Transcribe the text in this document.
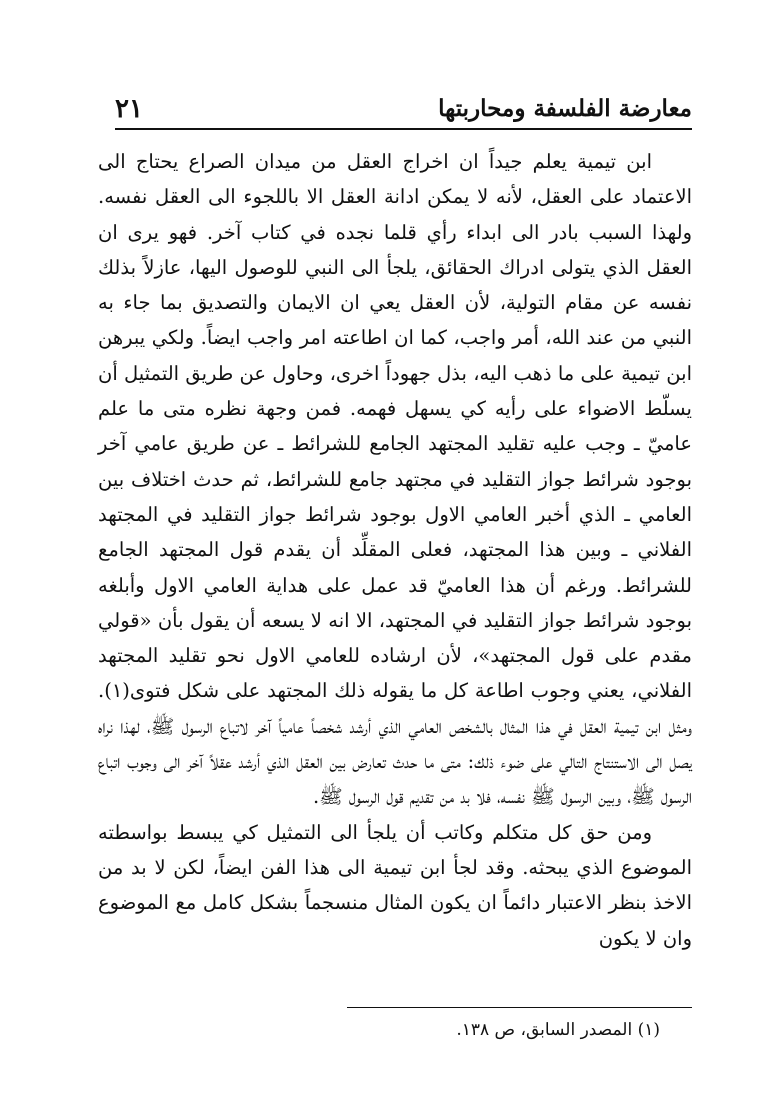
معارضة الفلسفة ومحاربتها
٢١

ابن تيمية يعلم جيداً ان اخراج العقل من ميدان الصراع يحتاج الى الاعتماد على العقل، لأنه لا يمكن ادانة العقل الا باللجوء الى العقل نفسه. ولهذا السبب بادر الى ابداء رأي قلما نجده في كتاب آخر. فهو يرى ان العقل الذي يتولى ادراك الحقائق، يلجأ الى النبي للوصول اليها، عازلاً بذلك نفسه عن مقام التولية، لأن العقل يعي ان الايمان والتصديق بما جاء به النبي من عند الله، أمر واجب، كما ان اطاعته امر واجب ايضاً. ولكي يبرهن ابن تيمية على ما ذهب اليه، بذل جهوداً اخرى، وحاول عن طريق التمثيل أن يسلّط الاضواء على رأيه كي يسهل فهمه. فمن وجهة نظره متى ما علم عاميّ ـ وجب عليه تقليد المجتهد الجامع للشرائط ـ عن طريق عامي آخر بوجود شرائط جواز التقليد في مجتهد جامع للشرائط، ثم حدث اختلاف بين العامي ـ الذي أخبر العامي الاول بوجود شرائط جواز التقليد في المجتهد الفلاني ـ وبين هذا المجتهد، فعلى المقلِّد أن يقدم قول المجتهد الجامع للشرائط. ورغم أن هذا العاميّ قد عمل على هداية العامي الاول وأبلغه بوجود شرائط جواز التقليد في المجتهد، الا انه لا يسعه أن يقول بأن «قولي مقدم على قول المجتهد»، لأن ارشاده للعامي الاول نحو تقليد المجتهد الفلاني، يعني وجوب اطاعة كل ما يقوله ذلك المجتهد على شكل فتوى(١). ومثل ابن تيمية العقل في هذا المثال بالشخص العامي الذي أرشد شخصاً عامياً آخر لاتباع الرسول ﷺ، لهذا نراه يصل الى الاستنتاج التالي على ضوء ذلك: متى ما حدث تعارض بين العقل الذي أرشد عقلاً آخر الى وجوب اتباع الرسول ﷺ، وبين الرسول ﷺ نفسه، فلا بد من تقديم قول الرسول ﷺ.

ومن حق كل متكلم وكاتب أن يلجأ الى التمثيل كي يبسط بواسطته الموضوع الذي يبحثه. وقد لجأ ابن تيمية الى هذا الفن ايضاً، لكن لا بد من الاخذ بنظر الاعتبار دائماً ان يكون المثال منسجماً بشكل كامل مع الموضوع وان لا يكون

(١) المصدر السابق، ص ١٣٨.
